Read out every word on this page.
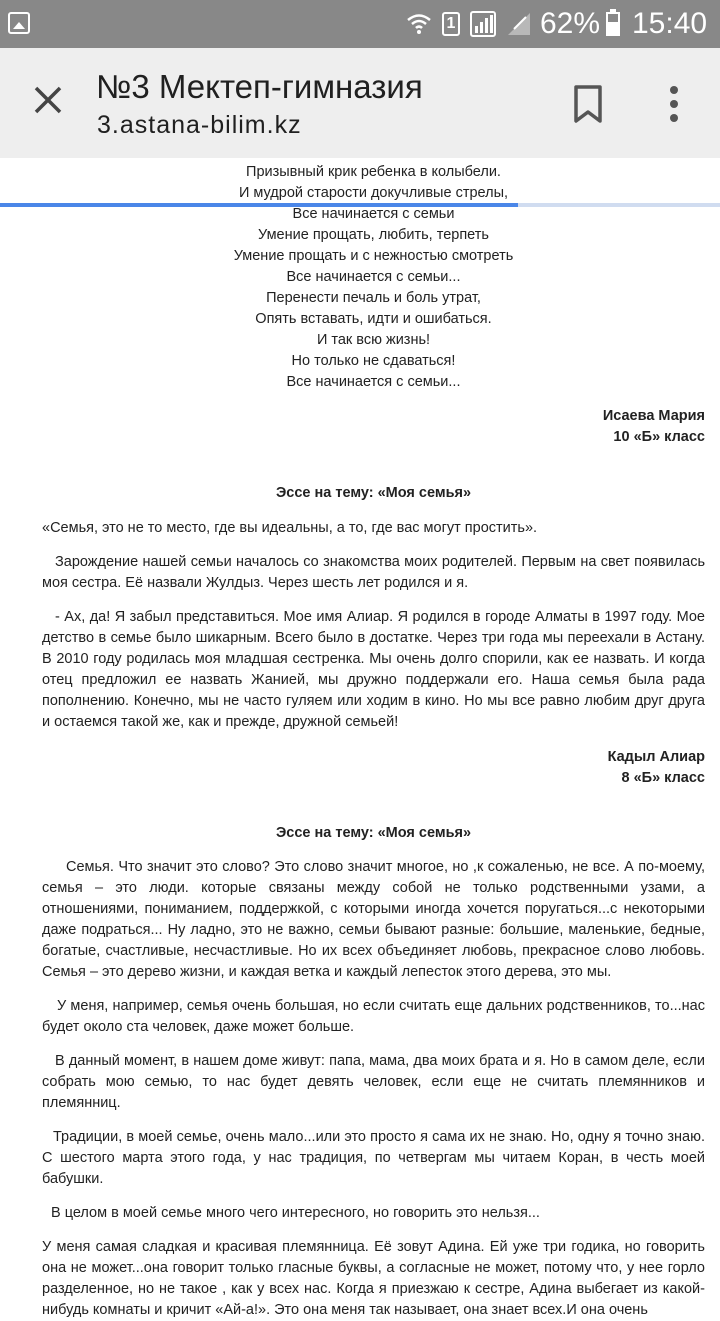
1	62% 15:40
№3 Мектеп-гимназия
3.astana-bilim.kz
Призывный крик ребенка в колыбели.
И мудрой старости докучливые стрелы,
Все начинается с семьи
Умение прощать, любить, терпеть
Умение прощать и с нежностью смотреть
Все начинается с семьи...
Перенести печаль и боль утрат,
Опять вставать, идти и ошибаться.
И так всю жизнь!
Но только не сдаваться!
Все начинается с семьи...
Исаева Мария
10 «Б» класс
Эссе на тему: «Моя семья»

«Семья, это не то место, где вы идеальны, а то, где вас могут простить».

Зарождение нашей семьи началось со знакомства моих родителей. Первым на свет появилась моя сестра. Её назвали Жулдыз. Через шесть лет родился и я.

- Ах, да! Я забыл представиться. Мое имя Алиар. Я родился в городе Алматы в 1997 году. Мое детство в семье было шикарным. Всего было в достатке. Через три года мы переехали в Астану. В 2010 году родилась моя младшая сестренка. Мы очень долго спорили, как ее назвать. И когда отец предложил ее назвать Жанией, мы дружно поддержали его. Наша семья была рада пополнению. Конечно, мы не часто гуляем или ходим в кино. Но мы все равно любим друг друга и остаемся такой же, как и прежде, дружной семьей!

Кадыл Алиар
8 «Б» класс
Эссе на тему: «Моя семья»

Семья. Что значит это слово? Это слово значит многое, но ,к сожаленью, не все. А по-моему, семья – это люди. которые связаны между собой не только родственными узами, а отношениями, пониманием, поддержкой, с которыми иногда хочется поругаться...с некоторыми даже подраться... Ну ладно, это не важно, семьи бывают разные: большие, маленькие, бедные, богатые, счастливые, несчастливые. Но их всех объединяет любовь, прекрасное слово любовь. Семья – это дерево жизни, и каждая ветка и каждый лепесток этого дерева, это мы.

У меня, например, семья очень большая, но если считать еще дальних родственников, то...нас будет около ста человек, даже может больше.

В данный момент, в нашем доме живут: папа, мама, два моих брата и я. Но в самом деле, если собрать мою семью, то нас будет девять человек, если еще не считать племянников и племянниц.

Традиции, в моей семье, очень мало...или это просто я сама их не знаю. Но, одну я точно знаю. С шестого марта этого года, у нас традиция, по четвергам мы читаем Коран, в честь моей бабушки.

В целом в моей семье много чего интересного, но говорить это нельзя...

У меня самая сладкая и красивая племянница. Её зовут Адина. Ей уже три годика, но говорить она не может...она говорит только гласные буквы, а согласные не может, потому что, у нее горло разделенное, но не такое , как у всех нас. Когда я приезжаю к сестре, Адина выбегает из какой-нибудь комнаты и кричит «Ай-а!». Это она меня так называет, она знает всех.И она очень
